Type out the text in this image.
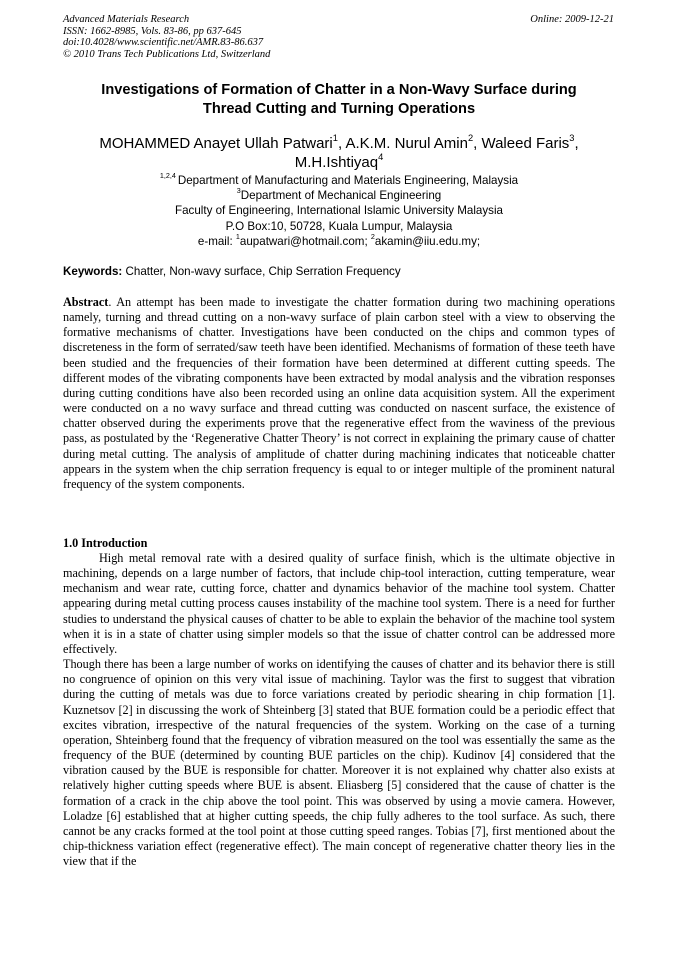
Advanced Materials Research
ISSN: 1662-8985, Vols. 83-86, pp 637-645
doi:10.4028/www.scientific.net/AMR.83-86.637
© 2010 Trans Tech Publications Ltd, Switzerland
Online: 2009-12-21
Investigations of Formation of Chatter in a Non-Wavy Surface during
Thread Cutting and Turning Operations
MOHAMMED Anayet Ullah Patwari$^1$, A.K.M. Nurul Amin$^2$, Waleed Faris$^3$,
M.H.Ishtiyaq$^4$
$^{1,2,4}$ Department of Manufacturing and Materials Engineering, Malaysia
$^3$Department of Mechanical Engineering
Faculty of Engineering, International Islamic University Malaysia
P.O Box:10, 50728, Kuala Lumpur, Malaysia
e-mail: $^1$aupatwari@hotmail.com; $^2$akamin@iiu.edu.my;
Keywords: Chatter, Non-wavy surface, Chip Serration Frequency
Abstract. An attempt has been made to investigate the chatter formation during two machining operations namely, turning and thread cutting on a non-wavy surface of plain carbon steel with a view to observing the formative mechanisms of chatter. Investigations have been conducted on the chips and common types of discreteness in the form of serrated/saw teeth have been identified. Mechanisms of formation of these teeth have been studied and the frequencies of their formation have been determined at different cutting speeds. The different modes of the vibrating components have been extracted by modal analysis and the vibration responses during cutting conditions have also been recorded using an online data acquisition system. All the experiment were conducted on a no wavy surface and thread cutting was conducted on nascent surface, the existence of chatter observed during the experiments prove that the regenerative effect from the waviness of the previous pass, as postulated by the ‘Regenerative Chatter Theory’ is not correct in explaining the primary cause of chatter during metal cutting. The analysis of amplitude of chatter during machining indicates that noticeable chatter appears in the system when the chip serration frequency is equal to or integer multiple of the prominent natural frequency of the system components.
1.0 Introduction

High metal removal rate with a desired quality of surface finish, which is the ultimate objective in machining, depends on a large number of factors, that include chip-tool interaction, cutting temperature, wear mechanism and wear rate, cutting force, chatter and dynamics behavior of the machine tool system. Chatter appearing during metal cutting process causes instability of the machine tool system. There is a need for further studies to understand the physical causes of chatter to be able to explain the behavior of the machine tool system when it is in a state of chatter using simpler models so that the issue of chatter control can be addressed more effectively.

Though there has been a large number of works on identifying the causes of chatter and its behavior there is still no congruence of opinion on this very vital issue of machining. Taylor was the first to suggest that vibration during the cutting of metals was due to force variations created by periodic shearing in chip formation [1]. Kuznetsov [2] in discussing the work of Shteinberg [3] stated that BUE formation could be a periodic effect that excites vibration, irrespective of the natural frequencies of the system. Working on the case of a turning operation, Shteinberg found that the frequency of vibration measured on the tool was essentially the same as the frequency of the BUE (determined by counting BUE particles on the chip). Kudinov [4] considered that the vibration caused by the BUE is responsible for chatter. Moreover it is not explained why chatter also exists at relatively higher cutting speeds where BUE is absent. Eliasberg [5] considered that the cause of chatter is the formation of a crack in the chip above the tool point. This was observed by using a movie camera. However, Loladze [6] established that at higher cutting speeds, the chip fully adheres to the tool surface. As such, there cannot be any cracks formed at the tool point at those cutting speed ranges. Tobias [7], first mentioned about the chip-thickness variation effect (regenerative effect). The main concept of regenerative chatter theory lies in the view that if the
